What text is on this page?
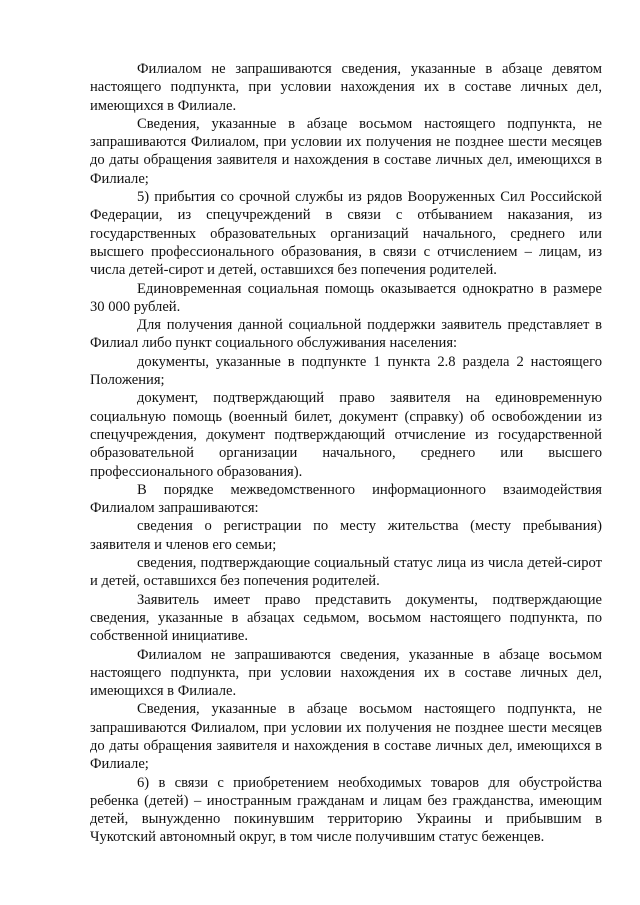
Филиалом не запрашиваются сведения, указанные в абзаце девятом настоящего подпункта, при условии нахождения их в составе личных дел, имеющихся в Филиале.

Сведения, указанные в абзаце восьмом настоящего подпункта, не запрашиваются Филиалом, при условии их получения не позднее шести месяцев до даты обращения заявителя и нахождения в составе личных дел, имеющихся в Филиале;

5) прибытия со срочной службы из рядов Вооруженных Сил Российской Федерации, из спецучреждений в связи с отбыванием наказания, из государственных образовательных организаций начального, среднего или высшего профессионального образования, в связи с отчислением – лицам, из числа детей-сирот и детей, оставшихся без попечения родителей.

Единовременная социальная помощь оказывается однократно в размере 30 000 рублей.

Для получения данной социальной поддержки заявитель представляет в Филиал либо пункт социального обслуживания населения:

документы, указанные в подпункте 1 пункта 2.8 раздела 2 настоящего Положения;

документ, подтверждающий право заявителя на единовременную социальную помощь (военный билет, документ (справку) об освобождении из спецучреждения, документ подтверждающий отчисление из государственной образовательной организации начального, среднего или высшего профессионального образования).

В порядке межведомственного информационного взаимодействия Филиалом запрашиваются:

сведения о регистрации по месту жительства (месту пребывания) заявителя и членов его семьи;

сведения, подтверждающие социальный статус лица из числа детей-сирот и детей, оставшихся без попечения родителей.

Заявитель имеет право представить документы, подтверждающие сведения, указанные в абзацах седьмом, восьмом настоящего подпункта, по собственной инициативе.

Филиалом не запрашиваются сведения, указанные в абзаце восьмом настоящего подпункта, при условии нахождения их в составе личных дел, имеющихся в Филиале.

Сведения, указанные в абзаце восьмом настоящего подпункта, не запрашиваются Филиалом, при условии их получения не позднее шести месяцев до даты обращения заявителя и нахождения в составе личных дел, имеющихся в Филиале;

6) в связи с приобретением необходимых товаров для обустройства ребенка (детей) – иностранным гражданам и лицам без гражданства, имеющим детей, вынужденно покинувшим территорию Украины и прибывшим в Чукотский автономный округ, в том числе получившим статус беженцев.
